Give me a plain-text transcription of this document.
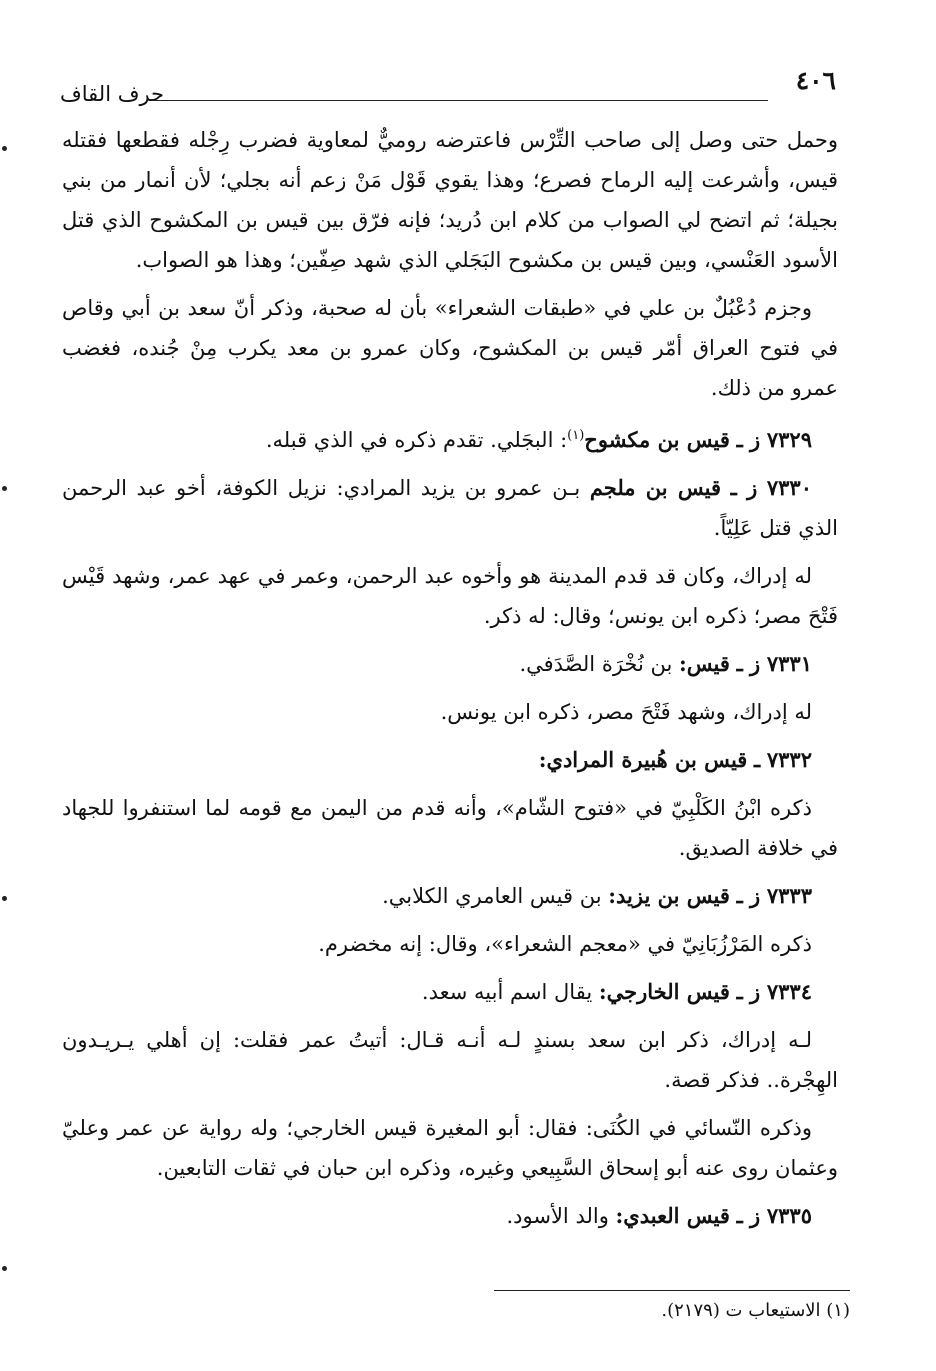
٤٠٦
حرف القاف

وحمل حتى وصل إلى صاحب التِّرْس فاعترضه روميٌّ لمعاوية فضرب رِجْله فقطعها فقتله قيس، وأشرعت إليه الرماح فصرع؛ وهذا يقوي قَوْل مَنْ زعم أنه بجلي؛ لأن أنمار من بني بجيلة؛ ثم اتضح لي الصواب من كلام ابن دُريد؛ فإنه فرّق بين قيس بن المكشوح الذي قتل الأسود العَنْسي، وبين قيس بن مكشوح البَجَلي الذي شهد صِفّين؛ وهذا هو الصواب.

وجزم دُعْبُلٌ بن علي في «طبقات الشعراء» بأن له صحبة، وذكر أنّ سعد بن أبي وقاص في فتوح العراق أمّر قيس بن المكشوح، وكان عمرو بن معد يكرب مِنْ جُنده، فغضب عمرو من ذلك.

٧٣٢٩ ز ـ قيس بن مكشوح$^{(١)}$: البجَلي. تقدم ذكره في الذي قبله.

٧٣٣٠ ز ـ قيس بن ملجم بـن عمرو بن يزيد المرادي: نزيل الكوفة، أخو عبد الرحمن الذي قتل عَلِيّاً.

له إدراك، وكان قد قدم المدينة هو وأخوه عبد الرحمن، وعمر في عهد عمر، وشهد قَيْس فَتْحَ مصر؛ ذكره ابن يونس؛ وقال: له ذكر.

٧٣٣١ ز ـ قيس: بن نُخْرَة الصَّدَفي.

له إدراك، وشهد فَتْحَ مصر، ذكره ابن يونس.

٧٣٣٢ ـ قيس بن هُبيرة المرادي:

ذكره ابْنُ الكَلْبِيّ في «فتوح الشّام»، وأنه قدم من اليمن مع قومه لما استنفروا للجهاد في خلافة الصديق.

٧٣٣٣ ز ـ قيس بن يزيد: بن قيس العامري الكلابي.

ذكره المَرْزُبَانِيّ في «معجم الشعراء»، وقال: إنه مخضرم.

٧٣٣٤ ز ـ قيس الخارجي: يقال اسم أبيه سعد.

لـه إدراك، ذكر ابن سعد بسندٍ لـه أنـه قـال: أتيتُ عمر فقلت: إن أهلي يـريـدون الهِجْرة.. فذكر قصة.

وذكره النّسائي في الكُنَى: فقال: أبو المغيرة قيس الخارجي؛ وله رواية عن عمر وعليّ وعثمان روى عنه أبو إسحاق السَّبِيعي وغيره، وذكره ابن حبان في ثقات التابعين.

٧٣٣٥ ز ـ قيس العبدي: والد الأسود.

(١) الاستيعاب ت (٢١٧٩).
